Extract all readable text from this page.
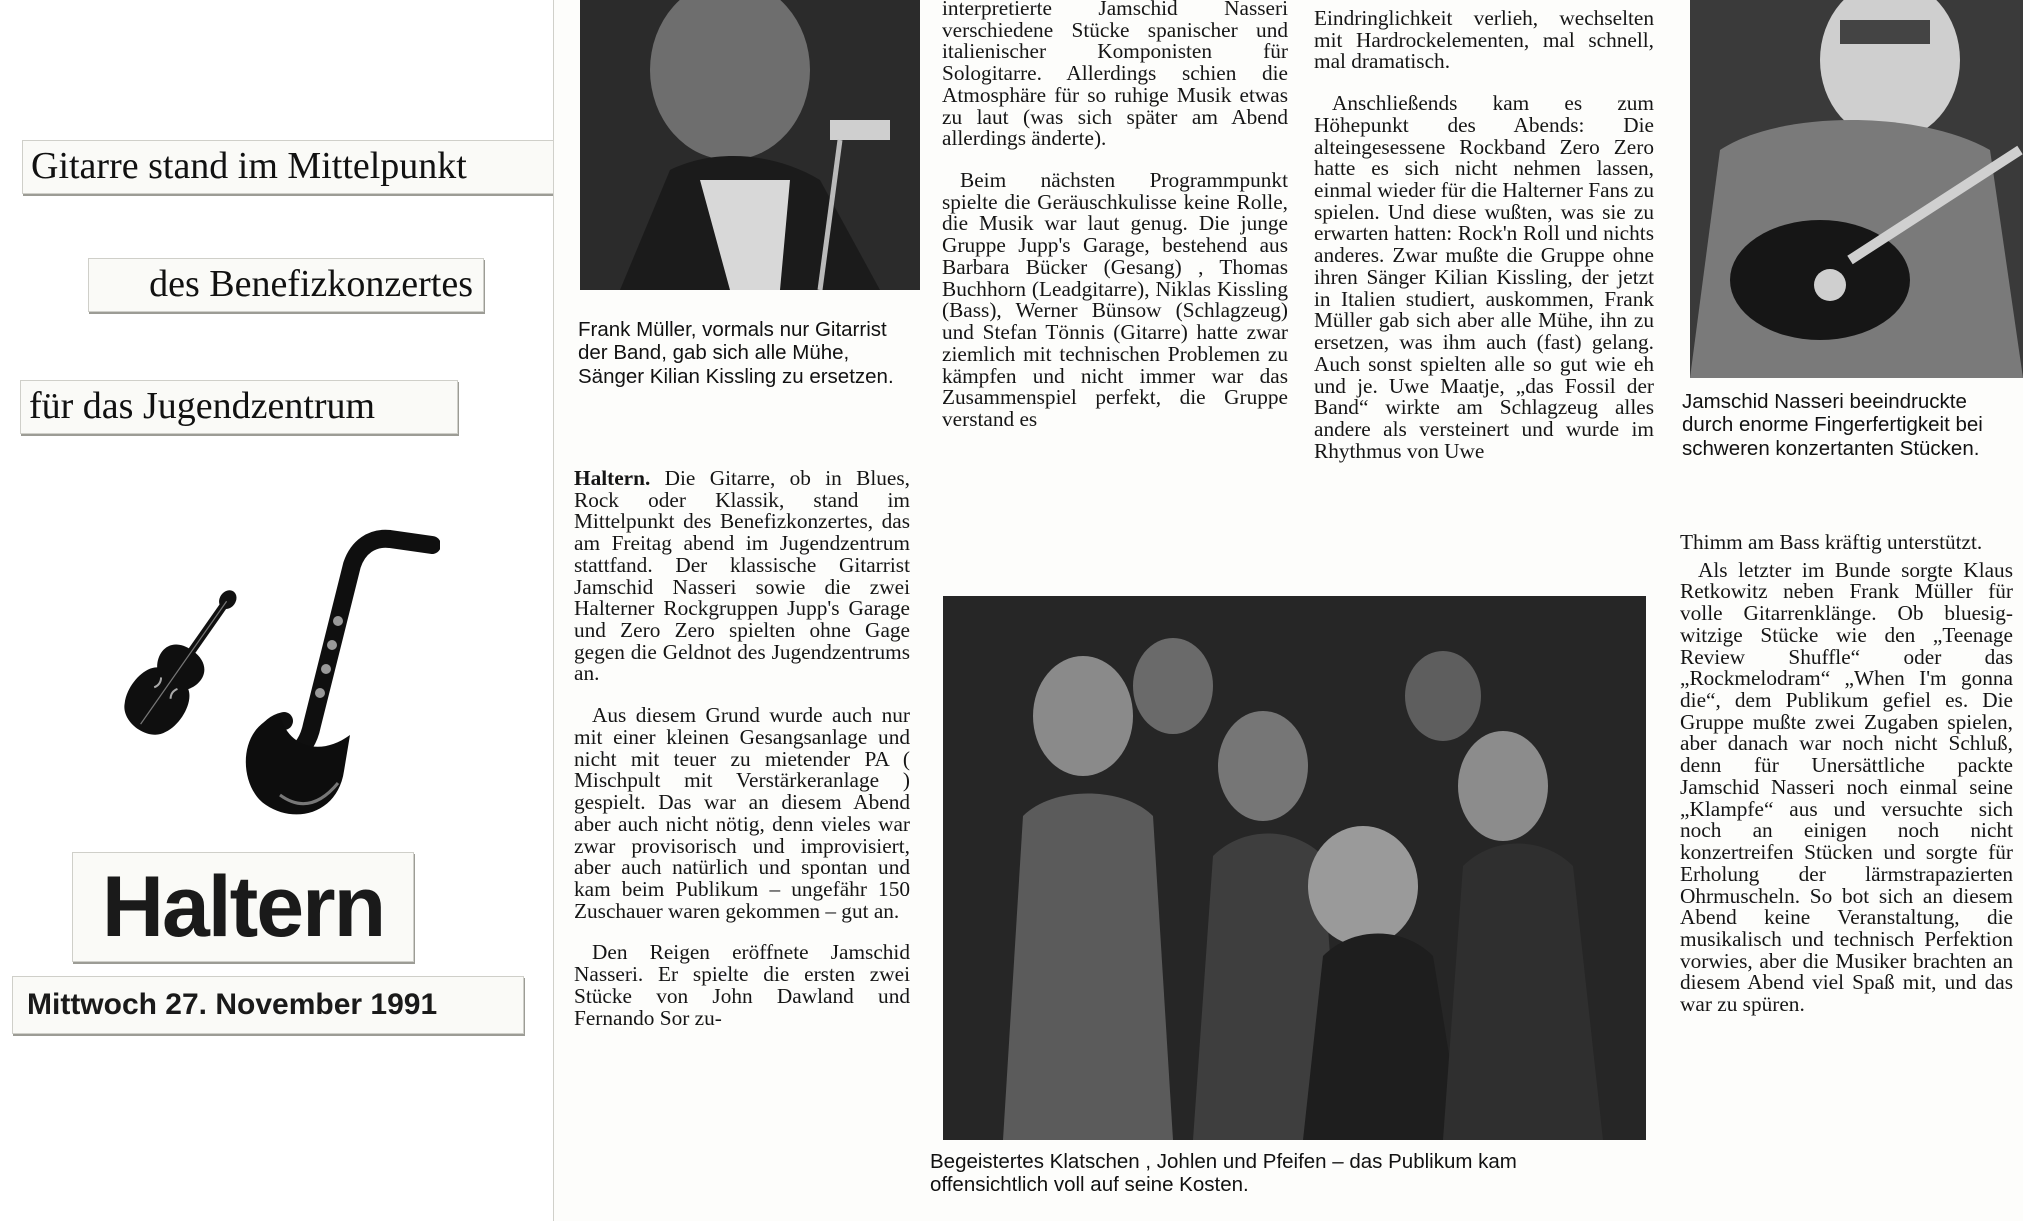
Gitarre stand im Mittelpunkt
des Benefizkonzertes
für das Jugendzentrum
Haltern
Mittwoch 27. November 1991
Frank Müller, vormals nur Gitarrist der Band, gab sich alle Mühe, Sänger Kilian Kissling zu ersetzen.

Haltern. Die Gitarre, ob in Blues, Rock oder Klassik, stand im Mittelpunkt des Benefizkonzertes, das am Freitag abend im Jugendzentrum stattfand. Der klassische Gitarrist Jamschid Nasseri sowie die zwei Halterner Rockgruppen Jupp's Garage und Zero Zero spielten ohne Gage gegen die Geldnot des Jugendzentrums an.

Aus diesem Grund wurde auch nur mit einer kleinen Gesangsanlage und nicht mit teuer zu mietender PA ( Mischpult mit Verstärkeranlage ) gespielt. Das war an diesem Abend aber auch nicht nötig, denn vieles war zwar provisorisch und improvisiert, aber auch natürlich und spontan und kam beim Publikum – ungefähr 150 Zuschauer waren gekommen – gut an.

Den Reigen eröffnete Jamschid Nasseri. Er spielte die ersten zwei Stücke von John Dawland und Fernando Sor zu-

interpretierte Jamschid Nasseri verschiedene Stücke spanischer und italienischer Komponisten für Sologitarre. Allerdings schien die Atmosphäre für so ruhige Musik etwas zu laut (was sich später am Abend allerdings änderte).

Beim nächsten Programmpunkt spielte die Geräuschkulisse keine Rolle, die Musik war laut genug. Die junge Gruppe Jupp's Garage, bestehend aus Barbara Bücker (Gesang) , Thomas Buchhorn (Leadgitarre), Niklas Kissling (Bass), Werner Bünsow (Schlagzeug) und Stefan Tönnis (Gitarre) hatte zwar ziemlich mit technischen Problemen zu kämpfen und nicht immer war das Zusammenspiel perfekt, die Gruppe verstand es

Eindringlichkeit verlieh, wechselten mit Hardrockelementen, mal schnell, mal dramatisch.

Anschließends kam es zum Höhepunkt des Abends: Die alteingesessene Rockband Zero Zero hatte es sich nicht nehmen lassen, einmal wieder für die Halterner Fans zu spielen. Und diese wußten, was sie zu erwarten hatten: Rock'n Roll und nichts anderes. Zwar mußte die Gruppe ohne ihren Sänger Kilian Kissling, der jetzt in Italien studiert, auskommen, Frank Müller gab sich aber alle Mühe, ihn zu ersetzen, was ihm auch (fast) gelang. Auch sonst spielten alle so gut wie eh und je. Uwe Maatje, „das Fossil der Band“ wirkte am Schlagzeug alles andere als versteinert und wurde im Rhythmus von Uwe

Begeistertes Klatschen , Johlen und Pfeifen – das Publikum kam offensichtlich voll auf seine Kosten.
Jamschid Nasseri beeindruckte durch enorme Fingerfertigkeit bei schweren konzertanten Stücken.

Thimm am Bass kräftig unterstützt.

Als letzter im Bunde sorgte Klaus Retkowitz neben Frank Müller für volle Gitarrenklänge. Ob bluesig-witzige Stücke wie den „Teenage Review Shuffle“ oder das „Rockmelodram“ „When I'm gonna die“, dem Publikum gefiel es. Die Gruppe mußte zwei Zugaben spielen, aber danach war noch nicht Schluß, denn für Unersättliche packte Jamschid Nasseri noch einmal seine „Klampfe“ aus und versuchte sich noch an einigen noch nicht konzertreifen Stücken und sorgte für Erholung der lärmstrapazierten Ohrmuscheln. So bot sich an diesem Abend keine Veranstaltung, die musikalisch und technisch Perfektion vorwies, aber die Musiker brachten an diesem Abend viel Spaß mit, und das war zu spüren.
